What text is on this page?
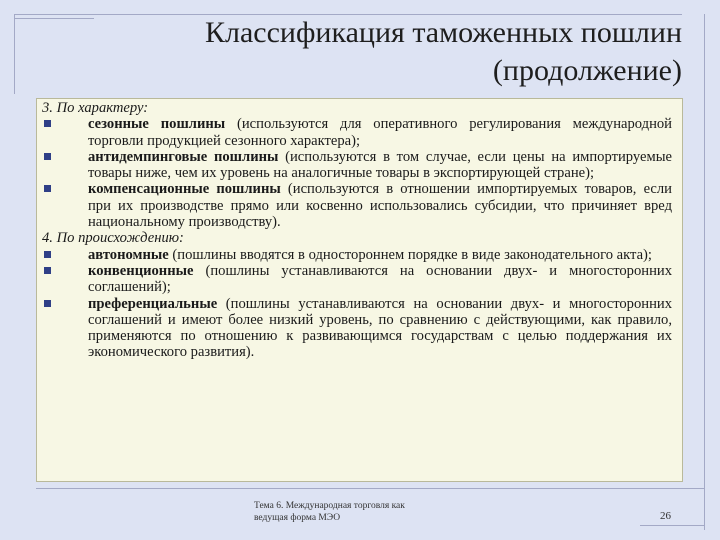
Классификация таможенных пошлин
(продолжение)

3. По характеру:

сезонные пошлины (используются для оперативного регулирования международной торговли продукцией сезонного характера);

антидемпинговые пошлины (используются в том случае, если цены на импортируемые товары ниже, чем их уровень на аналогичные товары в экспортирующей стране);

компенсационные пошлины (используются в отношении импортируемых товаров, если при их производстве прямо или косвенно использовались субсидии, что причиняет вред национальному производству).

4. По происхождению:

автономные (пошлины вводятся в одностороннем порядке в виде законодательного акта);

конвенционные (пошлины устанавливаются на основании двух- и многосторонних соглашений);

преференциальные (пошлины устанавливаются на основании двух- и многосторонних соглашений и имеют более низкий уровень, по сравнению с действующими, как правило, применяются по отношению к развивающимся государствам с целью поддержания их экономического развития).

Тема 6. Международная торговля как
ведущая форма МЭО	26
